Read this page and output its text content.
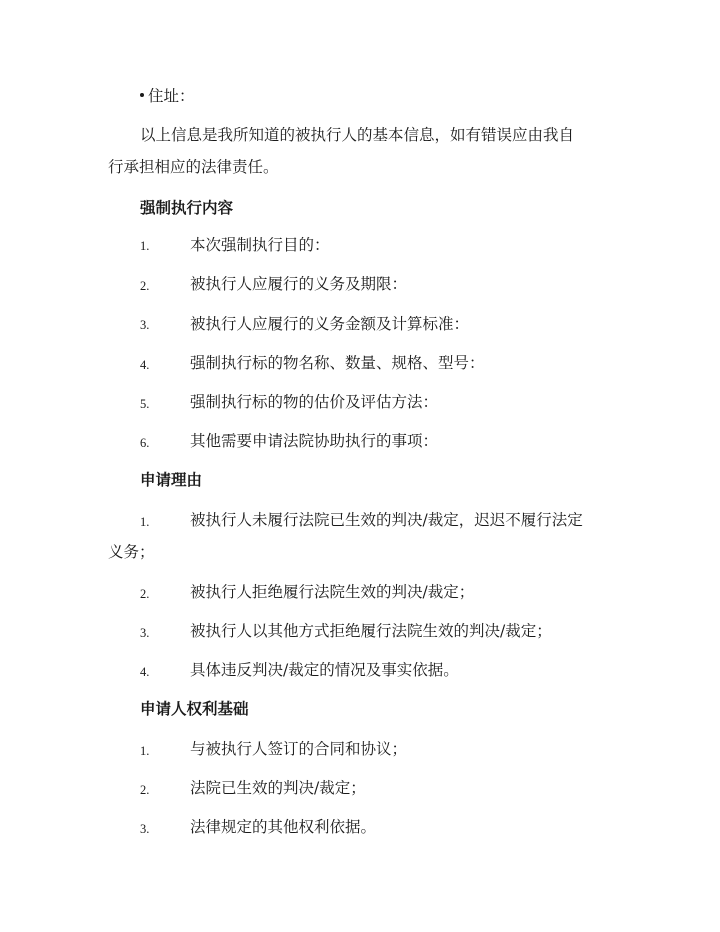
住址：
以上信息是我所知道的被执行人的基本信息，如有错误应由我自
行承担相应的法律责任。
强制执行内容
1.	本次强制执行目的：
2.	被执行人应履行的义务及期限：
3.	被执行人应履行的义务金额及计算标准：
4.	强制执行标的物名称、数量、规格、型号：
5.	强制执行标的物的估价及评估方法：
6.	其他需要申请法院协助执行的事项：
申请理由
1.	被执行人未履行法院已生效的判决/裁定，迟迟不履行法定
义务；
2.	被执行人拒绝履行法院生效的判决/裁定；
3.	被执行人以其他方式拒绝履行法院生效的判决/裁定；
4.	具体违反判决/裁定的情况及事实依据。
申请人权利基础
1.	与被执行人签订的合同和协议；
2.	法院已生效的判决/裁定；
3.	法律规定的其他权利依据。
